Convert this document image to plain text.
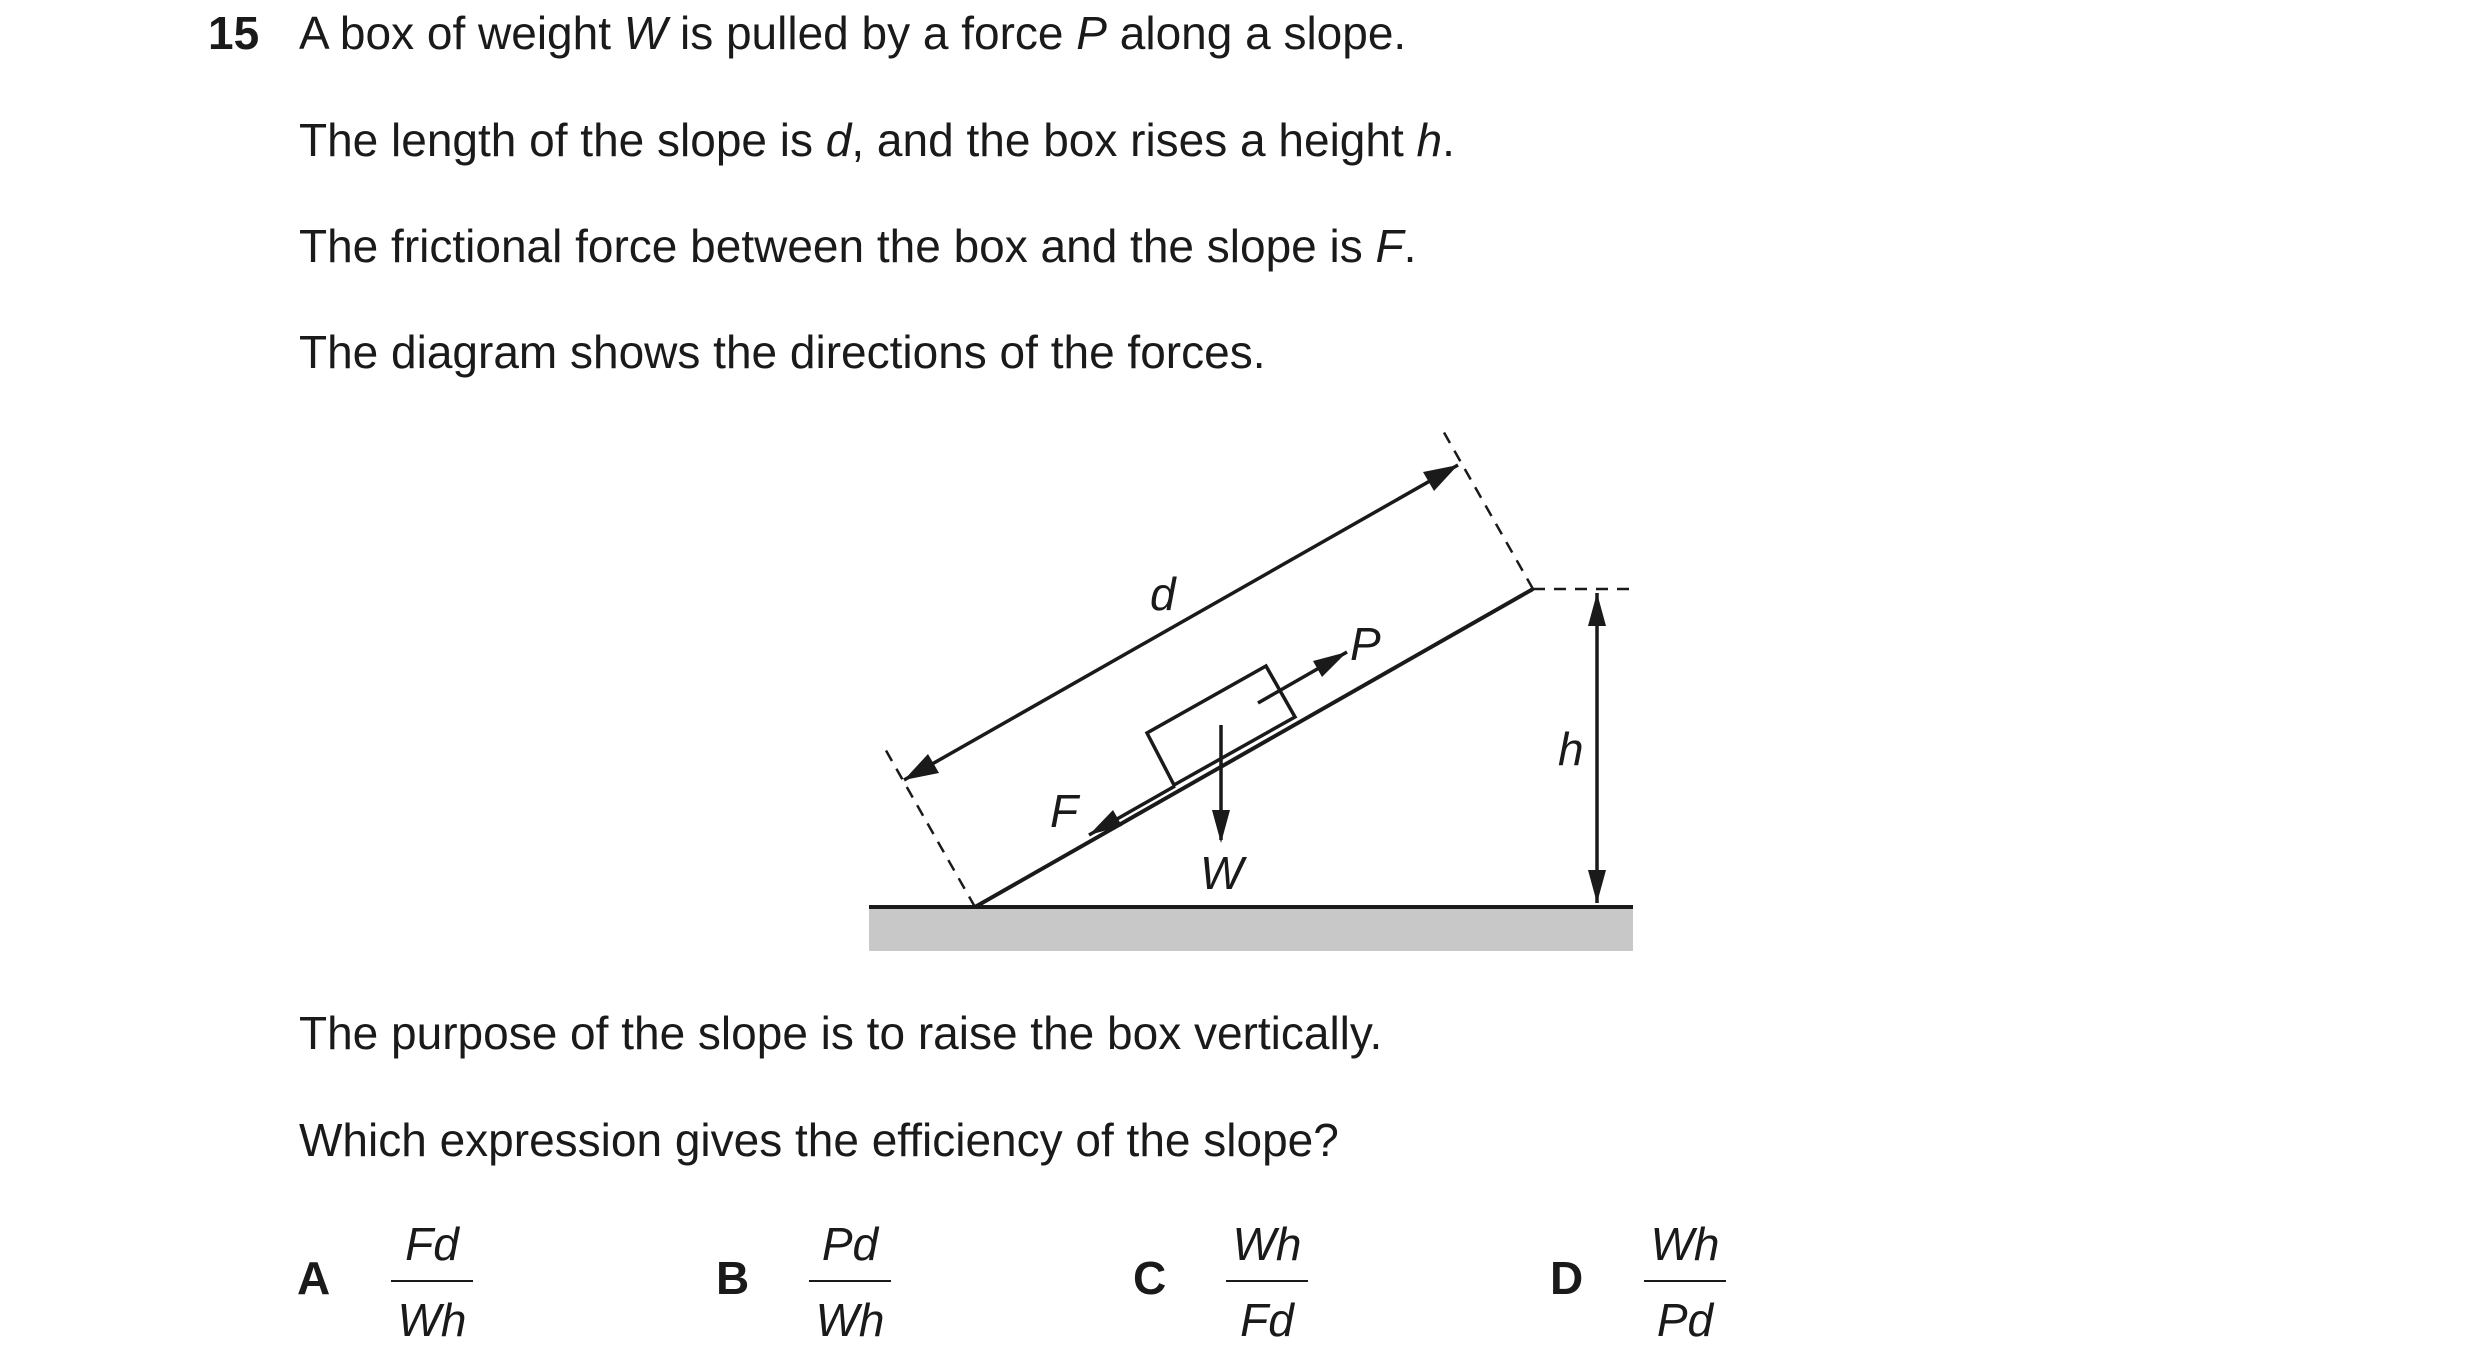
15 A box of weight W is pulled by a force P along a slope.
The length of the slope is d, and the box rises a height h.
The frictional force between the box and the slope is F.
The diagram shows the directions of the forces.
d
P
h
F
W
The purpose of the slope is to raise the box vertically.
Which expression gives the efficiency of the slope?
A
Fd
Wh
B
Pd
Wh
C
Wh
Fd
D
Wh
Pd
